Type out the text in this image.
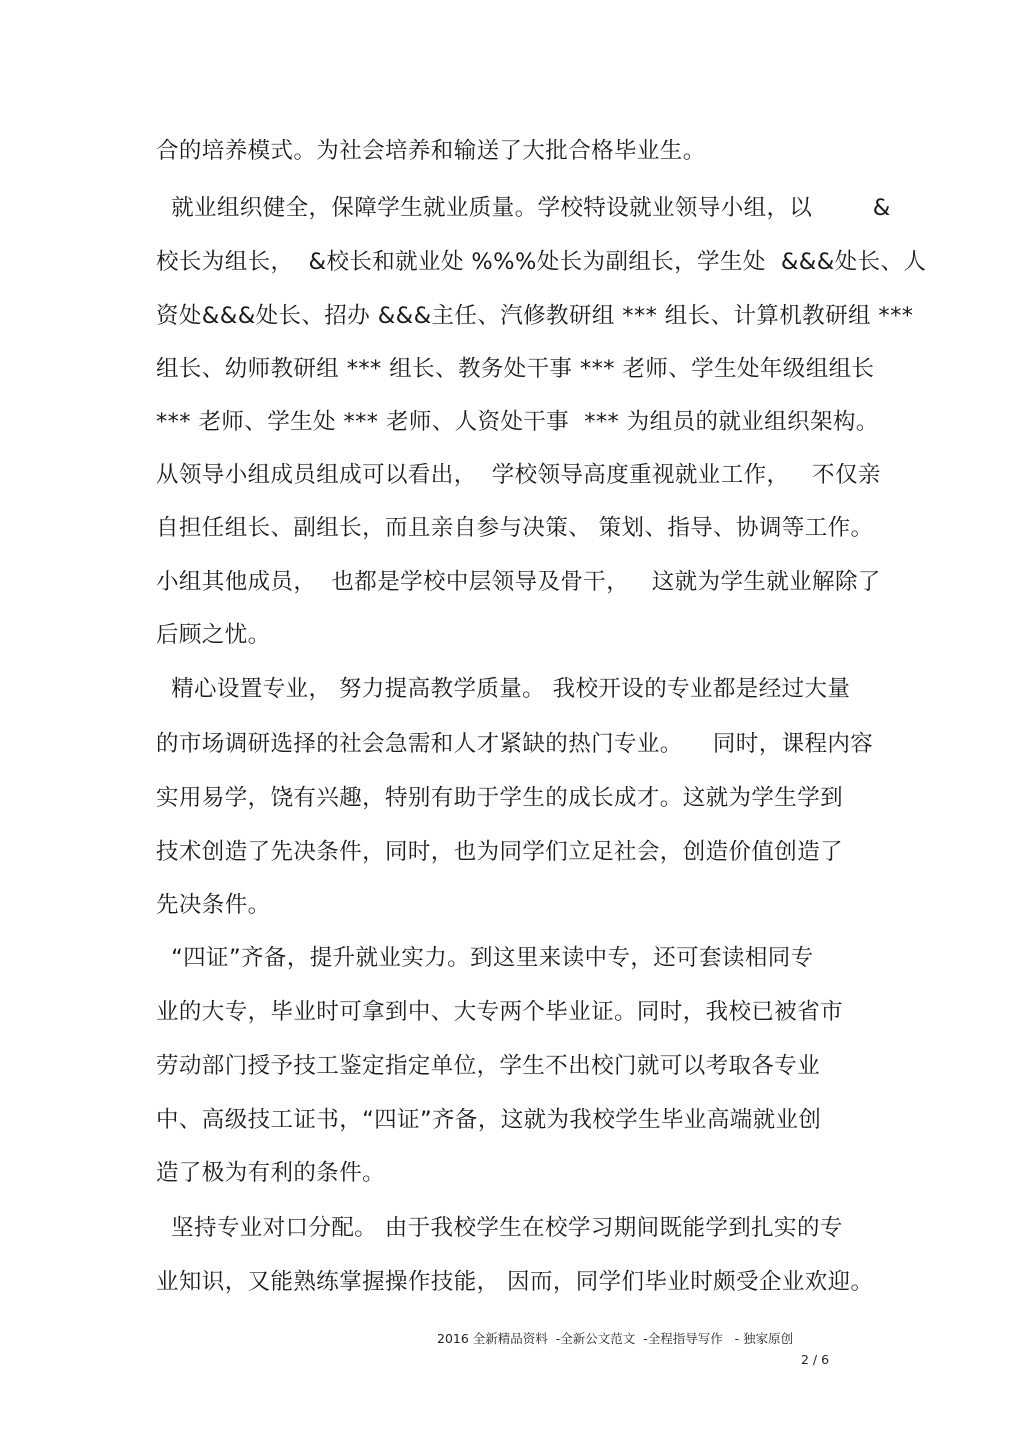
合的培养模式。为社会培养和输送了大批合格毕业生。
就业组织健全，保障学生就业质量。学校特设就业领导小组，以        &
校长为组长，  &校长和就业处 %%%处长为副组长，学生处  &&&处长、人
资处&&&处长、招办 &&&主任、汽修教研组 *** 组长、计算机教研组 ***
组长、幼师教研组 *** 组长、教务处干事 *** 老师、学生处年级组组长
*** 老师、学生处 *** 老师、人资处干事  *** 为组员的就业组织架构。
从领导小组成员组成可以看出，  学校领导高度重视就业工作，   不仅亲
自担任组长、副组长，而且亲自参与决策、 策划、指导、协调等工作。
小组其他成员，  也都是学校中层领导及骨干，   这就为学生就业解除了
后顾之忧。
精心设置专业， 努力提高教学质量。 我校开设的专业都是经过大量
的市场调研选择的社会急需和人才紧缺的热门专业。    同时，课程内容
实用易学，饶有兴趣，特别有助于学生的成长成才。这就为学生学到
技术创造了先决条件，同时，也为同学们立足社会，创造价值创造了
先决条件。
“四证”齐备，提升就业实力。到这里来读中专，还可套读相同专
业的大专，毕业时可拿到中、大专两个毕业证。同时，我校已被省市
劳动部门授予技工鉴定指定单位，学生不出校门就可以考取各专业
中、高级技工证书，“四证”齐备，这就为我校学生毕业高端就业创
造了极为有利的条件。
坚持专业对口分配。 由于我校学生在校学习期间既能学到扎实的专
业知识，又能熟练掌握操作技能， 因而，同学们毕业时颇受企业欢迎。
2016 全新精品资料  -全新公文范文  -全程指导写作   - 独家原创
2 / 6
